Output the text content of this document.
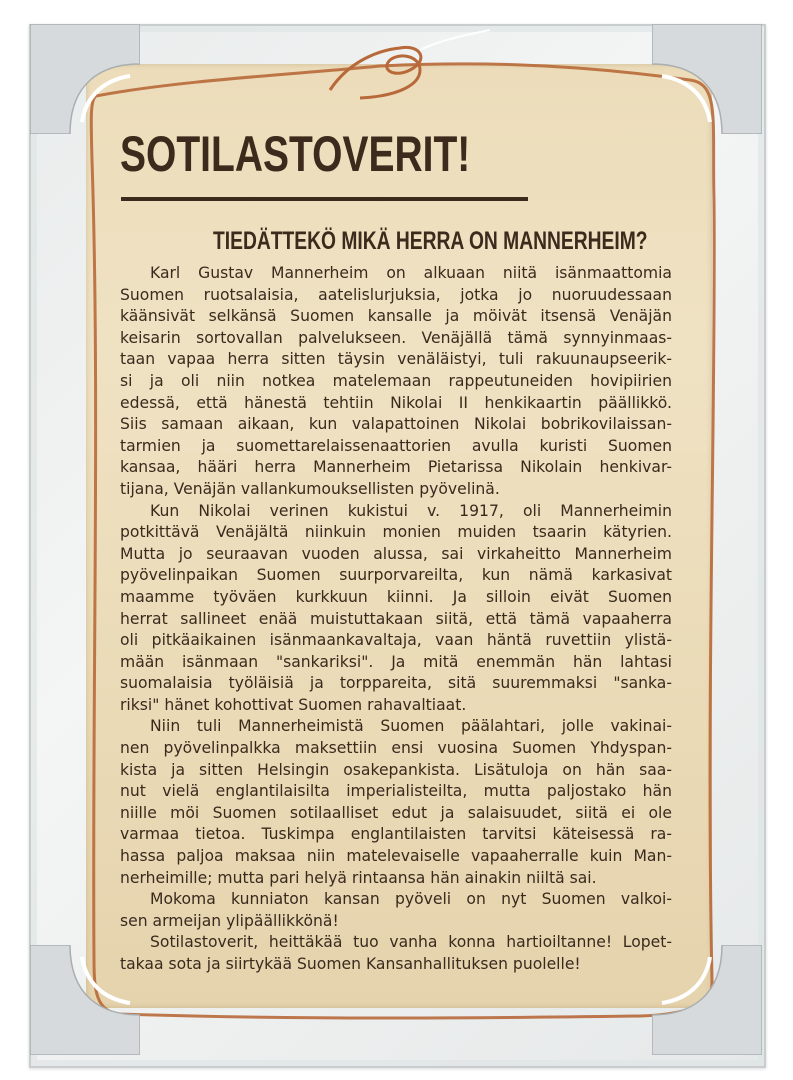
SOTILASTOVERIT!
TIEDÄTTEKÖ MIKÄ HERRA ON MANNERHEIM?
Karl Gustav Mannerheim on alkuaan niitä isänmaattomia
Suomen ruotsalaisia, aatelislurjuksia, jotka jo nuoruudessaan
käänsivät selkänsä Suomen kansalle ja möivät itsensä Venäjän
keisarin sortovallan palvelukseen. Venäjällä tämä synnyinmaas-
taan vapaa herra sitten täysin venäläistyi, tuli rakuunaupseerik-
si ja oli niin notkea matelemaan rappeutuneiden hovipiirien
edessä, että hänestä tehtiin Nikolai II henkikaartin päällikkö.
Siis samaan aikaan, kun valapattoinen Nikolai bobrikovilaissan-
tarmien ja suomettarelaissenaattorien avulla kuristi Suomen
kansaa, hääri herra Mannerheim Pietarissa Nikolain henkivar-
tijana, Venäjän vallankumouksellisten pyövelinä.
Kun Nikolai verinen kukistui v. 1917, oli Mannerheimin
potkittävä Venäjältä niinkuin monien muiden tsaarin kätyrien.
Mutta jo seuraavan vuoden alussa, sai virkaheitto Mannerheim
pyövelinpaikan Suomen suurporvareilta, kun nämä karkasivat
maamme työväen kurkkuun kiinni. Ja silloin eivät Suomen
herrat sallineet enää muistuttakaan siitä, että tämä vapaaherra
oli pitkäaikainen isänmaankavaltaja, vaan häntä ruvettiin ylistä-
mään isänmaan "sankariksi". Ja mitä enemmän hän lahtasi
suomalaisia työläisiä ja torppareita, sitä suuremmaksi "sanka-
riksi" hänet kohottivat Suomen rahavaltiaat.
Niin tuli Mannerheimistä Suomen päälahtari, jolle vakinai-
nen pyövelinpalkka maksettiin ensi vuosina Suomen Yhdyspan-
kista ja sitten Helsingin osakepankista. Lisätuloja on hän saa-
nut vielä englantilaisilta imperialisteilta, mutta paljostako hän
niille möi Suomen sotilaalliset edut ja salaisuudet, siitä ei ole
varmaa tietoa. Tuskimpa englantilaisten tarvitsi käteisessä ra-
hassa paljoa maksaa niin matelevaiselle vapaaherralle kuin Man-
nerheimille; mutta pari helyä rintaansa hän ainakin niiltä sai.
Mokoma kunniaton kansan pyöveli on nyt Suomen valkoi-
sen armeijan ylipäällikkönä!
Sotilastoverit, heittäkää tuo vanha konna hartioiltanne! Lopet-
takaa sota ja siirtykää Suomen Kansanhallituksen puolelle!
